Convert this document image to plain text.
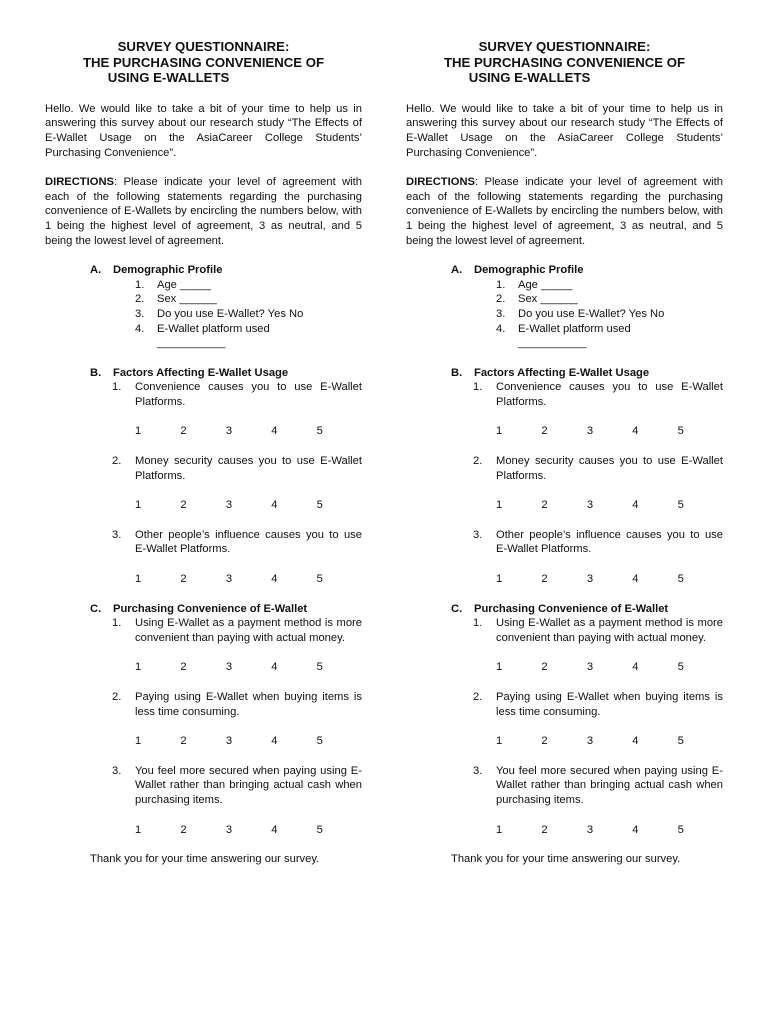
SURVEY QUESTIONNAIRE:
THE PURCHASING CONVENIENCE OF
USING E-WALLETS
Hello. We would like to take a bit of your time to help us in answering this survey about our research study “The Effects of E-Wallet Usage on the AsiaCareer College Students’ Purchasing Convenience”.
DIRECTIONS: Please indicate your level of agreement with each of the following statements regarding the purchasing convenience of E-Wallets by encircling the numbers below, with 1 being the highest level of agreement, 3 as neutral, and 5 being the lowest level of agreement.
A. Demographic Profile
1. Age _____
2. Sex ______
3. Do you use E-Wallet? Yes No
4. E-Wallet platform used
___________
B. Factors Affecting E-Wallet Usage
1. Convenience causes you to use E-Wallet Platforms.
1	2	3	4	5
2. Money security causes you to use E-Wallet Platforms.
1	2	3	4	5
3. Other people’s influence causes you to use E-Wallet Platforms.
1	2	3	4	5
C. Purchasing Convenience of E-Wallet
1. Using E-Wallet as a payment method is more convenient than paying with actual money.
1	2	3	4	5
2. Paying using E-Wallet when buying items is less time consuming.
1	2	3	4	5
3. You feel more secured when paying using E-Wallet rather than bringing actual cash when purchasing items.
1	2	3	4	5
Thank you for your time answering our survey.
SURVEY QUESTIONNAIRE:
THE PURCHASING CONVENIENCE OF
USING E-WALLETS
Hello. We would like to take a bit of your time to help us in answering this survey about our research study “The Effects of E-Wallet Usage on the AsiaCareer College Students’ Purchasing Convenience”.
DIRECTIONS: Please indicate your level of agreement with each of the following statements regarding the purchasing convenience of E-Wallets by encircling the numbers below, with 1 being the highest level of agreement, 3 as neutral, and 5 being the lowest level of agreement.
A. Demographic Profile
1. Age _____
2. Sex ______
3. Do you use E-Wallet? Yes No
4. E-Wallet platform used
___________
B. Factors Affecting E-Wallet Usage
1. Convenience causes you to use E-Wallet Platforms.
1	2	3	4	5
2. Money security causes you to use E-Wallet Platforms.
1	2	3	4	5
3. Other people’s influence causes you to use E-Wallet Platforms.
1	2	3	4	5
C. Purchasing Convenience of E-Wallet
1. Using E-Wallet as a payment method is more convenient than paying with actual money.
1	2	3	4	5
2. Paying using E-Wallet when buying items is less time consuming.
1	2	3	4	5
3. You feel more secured when paying using E-Wallet rather than bringing actual cash when purchasing items.
1	2	3	4	5
Thank you for your time answering our survey.
